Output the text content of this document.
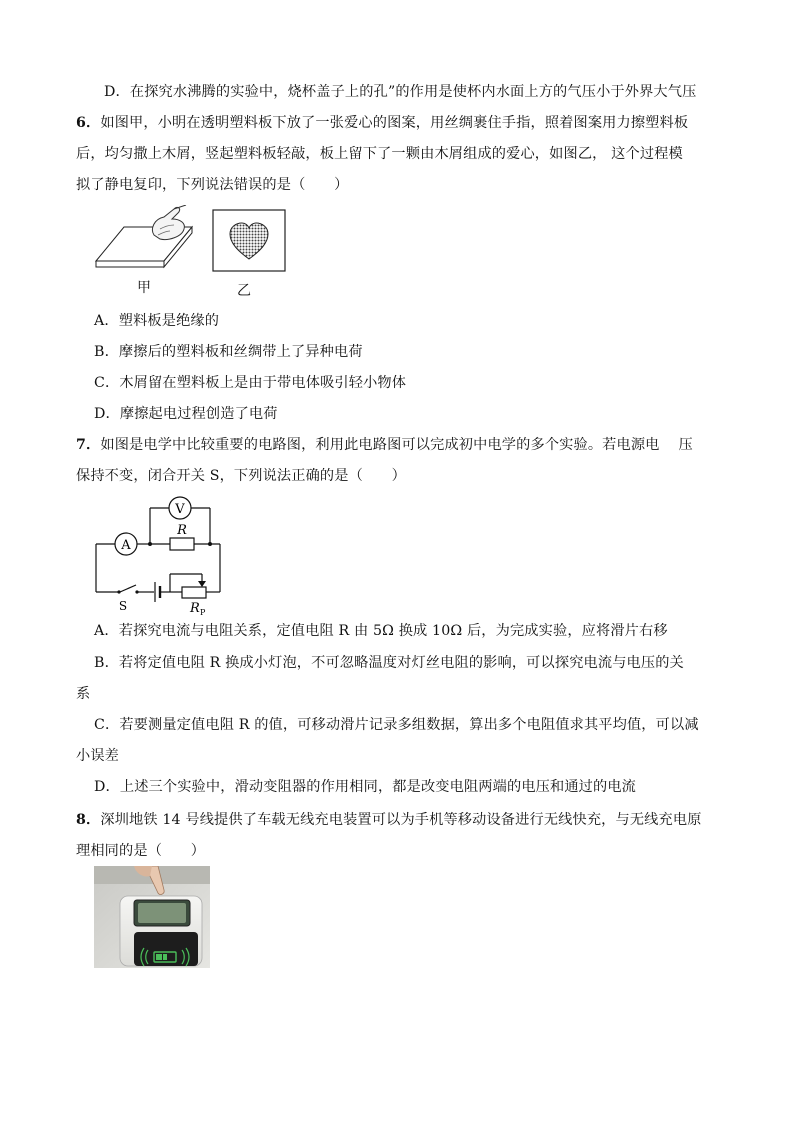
D．在探究水沸腾的实验中，烧杯盖子上的孔”的作用是使杯内水面上方的气压小于外界大气压
6．如图甲，小明在透明塑料板下放了一张爱心的图案，用丝绸裹住手指，照着图案用力擦塑料板
后，均匀撒上木屑，竖起塑料板轻敲，板上留下了一颗由木屑组成的爱心，如图乙， 这个过程模
拟了静电复印，下列说法错误的是（　　）
甲	乙
A．塑料板是绝缘的
B．摩擦后的塑料板和丝绸带上了异种电荷
C．木屑留在塑料板上是由于带电体吸引轻小物体
D．摩擦起电过程创造了电荷
7．如图是电学中比较重要的电路图，利用此电路图可以完成初中电学的多个实验。若电源电　 压
保持不变，闭合开关 S，下列说法正确的是（　　）
A
V
R
S	R P
A．若探究电流与电阻关系，定值电阻 R 由 5Ω 换成 10Ω 后，为完成实验，应将滑片右移
B．若将定值电阻 R 换成小灯泡，不可忽略温度对灯丝电阻的影响，可以探究电流与电压的关
系
C．若要测量定值电阻 R 的值，可移动滑片记录多组数据，算出多个电阻值求其平均值，可以减
小误差
D．上述三个实验中，滑动变阻器的作用相同，都是改变电阻两端的电压和通过的电流
8．深圳地铁 14 号线提供了车载无线充电装置可以为手机等移动设备进行无线快充，与无线充电原
理相同的是（　　）
